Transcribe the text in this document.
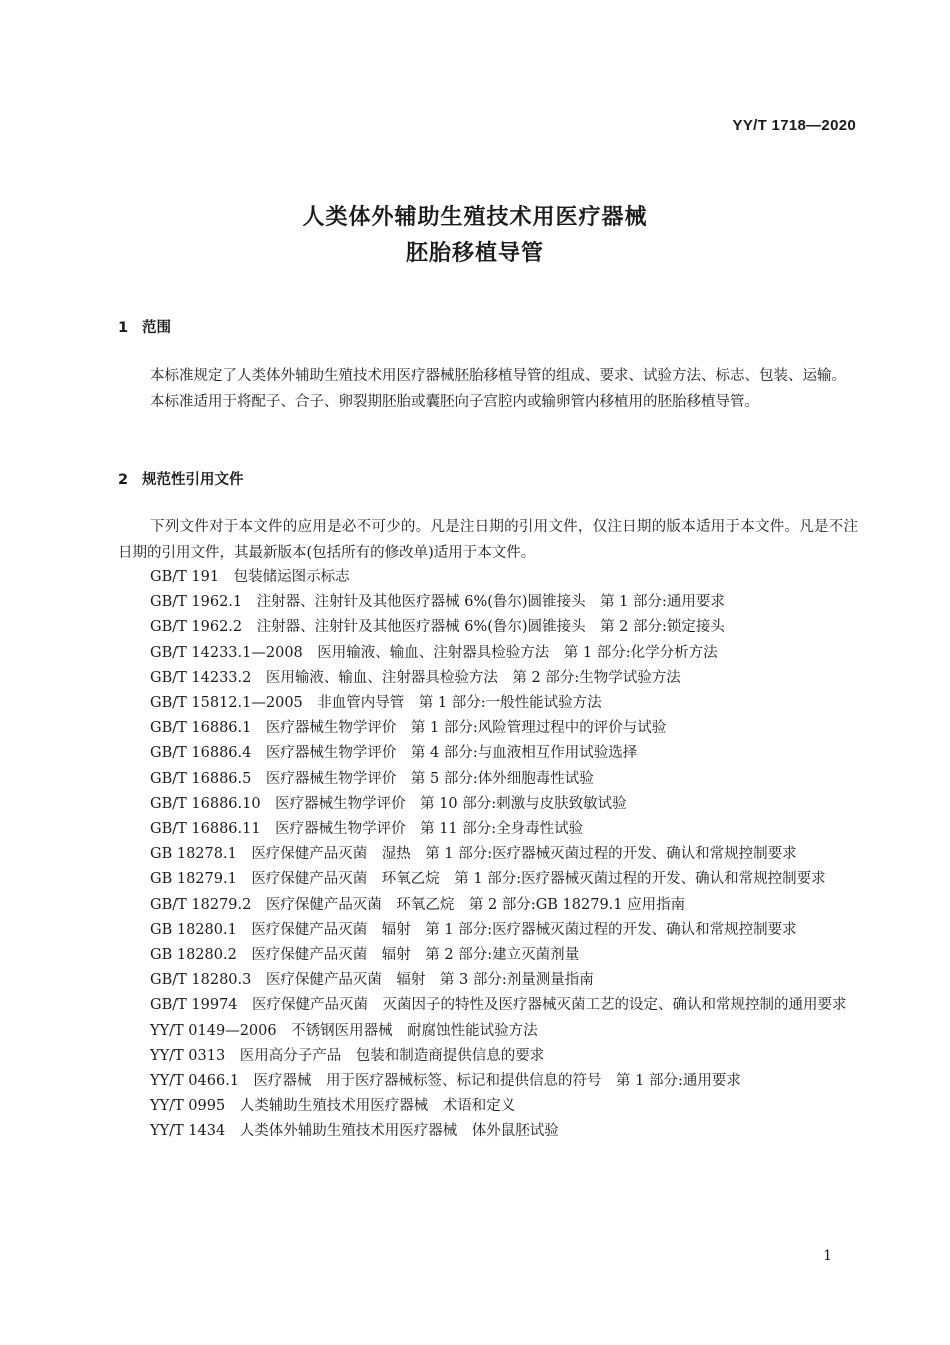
YY/T 1718—2020
人类体外辅助生殖技术用医疗器械
胚胎移植导管
1 范围

本标准规定了人类体外辅助生殖技术用医疗器械胚胎移植导管的组成、要求、试验方法、标志、包装、运输。

本标准适用于将配子、合子、卵裂期胚胎或囊胚向子宫腔内或输卵管内移植用的胚胎移植导管。

2 规范性引用文件

下列文件对于本文件的应用是必不可少的。凡是注日期的引用文件，仅注日期的版本适用于本文件。凡是不注日期的引用文件，其最新版本(包括所有的修改单)适用于本文件。

GB/T 191　 包装储运图示标志
GB/T 1962.1　 注射器、注射针及其他医疗器械 6%(鲁尔)圆锥接头　第 1 部分:通用要求
GB/T 1962.2　 注射器、注射针及其他医疗器械 6%(鲁尔)圆锥接头　第 2 部分:锁定接头
GB/T 14233.1—2008　 医用输液、输血、注射器具检验方法　第 1 部分:化学分析方法
GB/T 14233.2　 医用输液、输血、注射器具检验方法　第 2 部分:生物学试验方法
GB/T 15812.1—2005　 非血管内导管　第 1 部分:一般性能试验方法
GB/T 16886.1　 医疗器械生物学评价　第 1 部分:风险管理过程中的评价与试验
GB/T 16886.4　 医疗器械生物学评价　第 4 部分:与血液相互作用试验选择
GB/T 16886.5　 医疗器械生物学评价　第 5 部分:体外细胞毒性试验
GB/T 16886.10　 医疗器械生物学评价　第 10 部分:刺激与皮肤致敏试验
GB/T 16886.11　 医疗器械生物学评价　第 11 部分:全身毒性试验
GB 18278.1　 医疗保健产品灭菌　湿热　第 1 部分:医疗器械灭菌过程的开发、确认和常规控制要求
GB 18279.1　 医疗保健产品灭菌　环氧乙烷　第 1 部分:医疗器械灭菌过程的开发、确认和常规控制要求
GB/T 18279.2　 医疗保健产品灭菌　环氧乙烷　第 2 部分:GB 18279.1 应用指南
GB 18280.1　 医疗保健产品灭菌　辐射　第 1 部分:医疗器械灭菌过程的开发、确认和常规控制要求
GB 18280.2　 医疗保健产品灭菌　辐射　第 2 部分:建立灭菌剂量
GB/T 18280.3　 医疗保健产品灭菌　辐射　第 3 部分:剂量测量指南
GB/T 19974　 医疗保健产品灭菌　灭菌因子的特性及医疗器械灭菌工艺的设定、确认和常规控制的通用要求
YY/T 0149—2006　 不锈钢医用器械　耐腐蚀性能试验方法
YY/T 0313　 医用高分子产品　包装和制造商提供信息的要求
YY/T 0466.1　 医疗器械　用于医疗器械标签、标记和提供信息的符号　第 1 部分:通用要求
YY/T 0995　 人类辅助生殖技术用医疗器械　术语和定义
YY/T 1434　 人类体外辅助生殖技术用医疗器械　体外鼠胚试验
1
